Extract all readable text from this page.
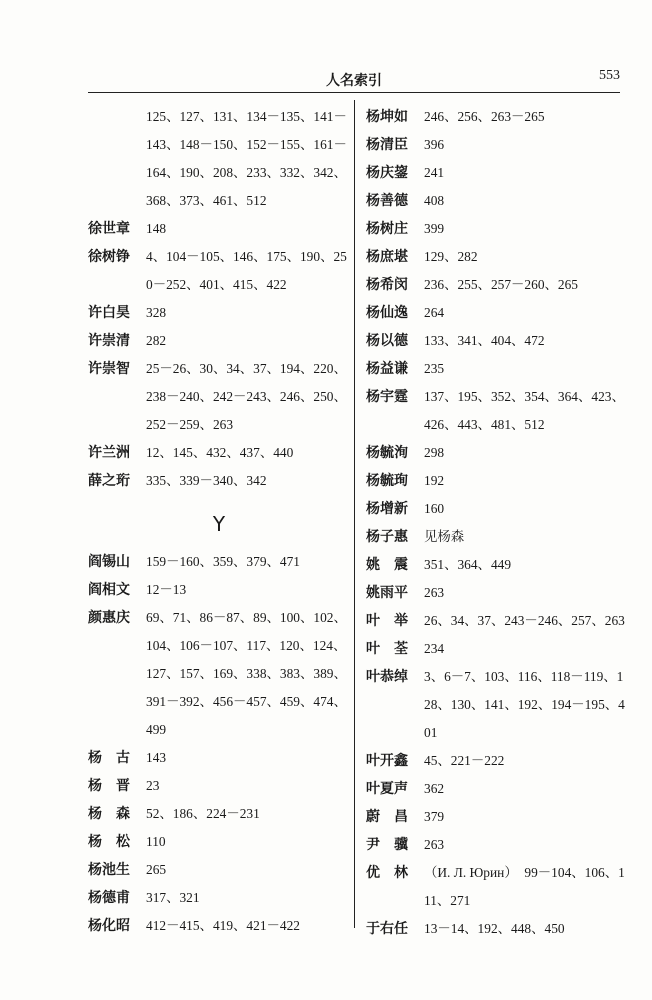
人名索引	553
125、127、131、134－135、141－143、148－150、152－155、161－164、190、208、233、332、342、368、373、461、512
徐世章	148
徐树铮	4、104－105、146、175、190、250－252、401、415、422
许白昊	328
许崇清	282
许崇智	25－26、30、34、37、194、220、238－240、242－243、246、250、252－259、263
许兰洲	12、145、432、437、440
薛之珩	335、339－340、342
Y
阎锡山	159－160、359、379、471
阎相文	12－13
颜惠庆	69、71、86－87、89、100、102、104、106－107、117、120、124、127、157、169、338、383、389、391－392、456－457、459、474、499
杨　古	143
杨　晋	23
杨　森	52、186、224－231
杨　松	110
杨池生	265
杨德甫	317、321
杨化昭	412－415、419、421－422
杨坤如	246、256、263－265
杨清臣	396
杨庆鋆	241
杨善德	408
杨树庄	399
杨庶堪	129、282
杨希闵	236、255、257－260、265
杨仙逸	264
杨以德	133、341、404、472
杨益谦	235
杨宇霆	137、195、352、354、364、423、426、443、481、512
杨毓洵	298
杨毓珣	192
杨增新	160
杨子惠	见杨森
姚　震	351、364、449
姚雨平	263
叶　举	26、34、37、243－246、257、263
叶　荃	234
叶恭绰	3、6－7、103、116、118－119、128、130、141、192、194－195、401
叶开鑫	45、221－222
叶夏声	362
蔚　昌	379
尹　骥	263
优　林	（И. Л. Юрин）　99－104、106、111、271
于右任	13－14、192、448、450
